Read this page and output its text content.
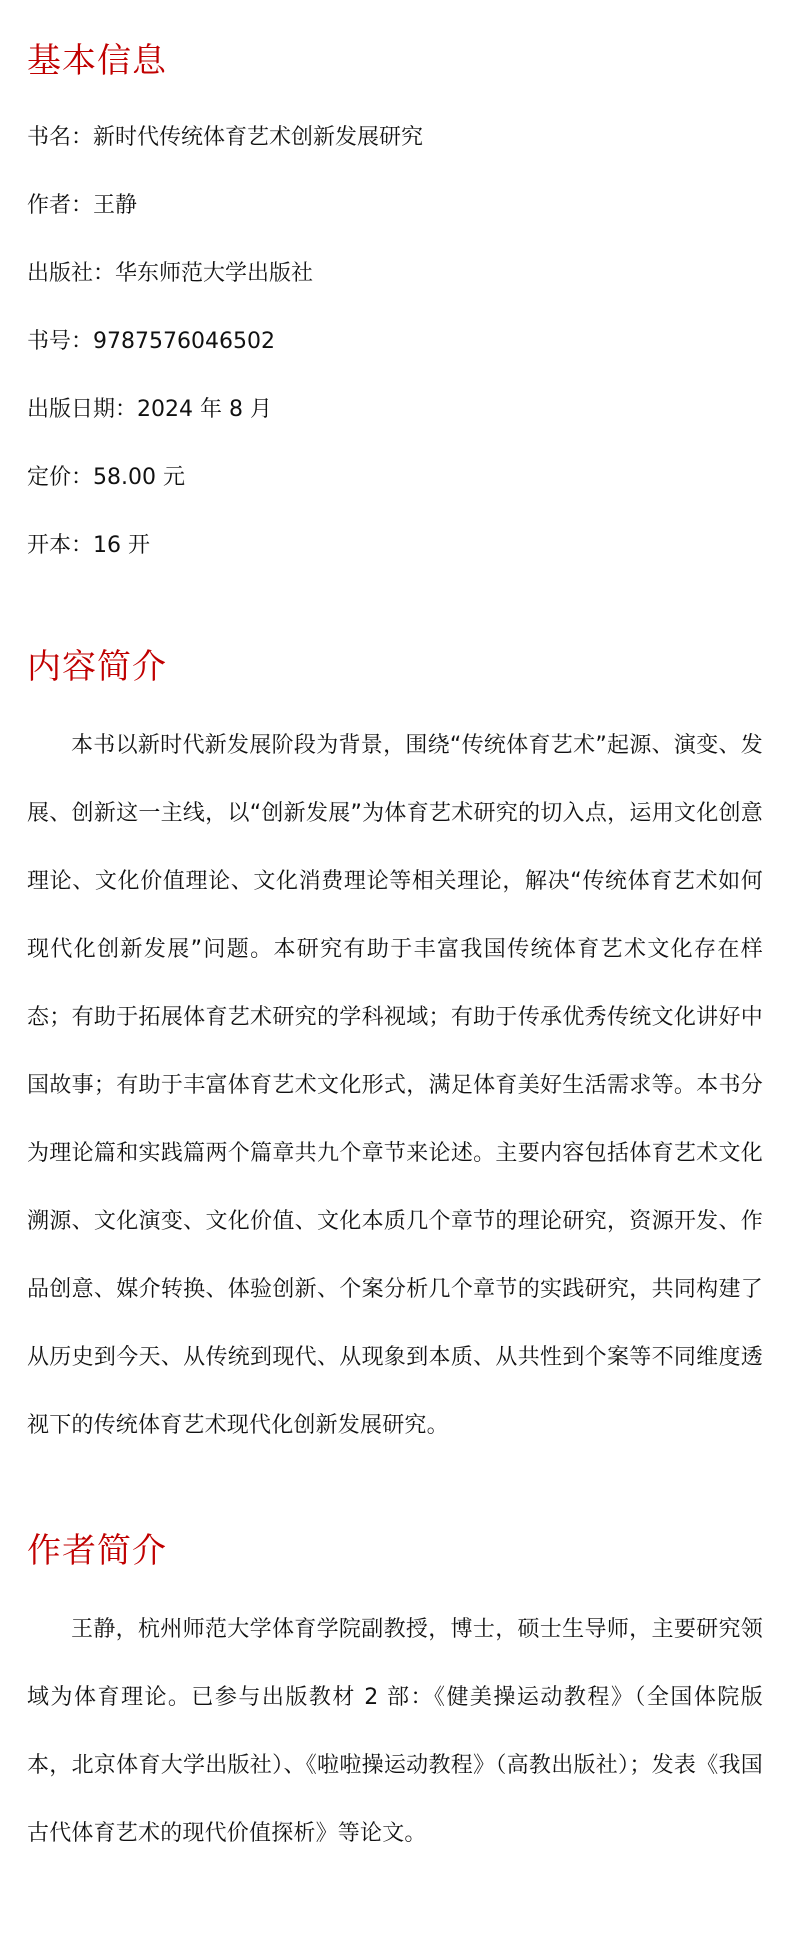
基本信息
书名：新时代传统体育艺术创新发展研究
作者：王静
出版社：华东师范大学出版社
书号：9787576046502
出版日期：2024 年 8 月
定价：58.00 元
开本：16 开
内容简介

本书以新时代新发展阶段为背景，围绕“传统体育艺术”起源、演变、发展、创新这一主线，以“创新发展”为体育艺术研究的切入点，运用文化创意理论、文化价值理论、文化消费理论等相关理论，解决“传统体育艺术如何现代化创新发展”问题。本研究有助于丰富我国传统体育艺术文化存在样态；有助于拓展体育艺术研究的学科视域；有助于传承优秀传统文化讲好中国故事；有助于丰富体育艺术文化形式，满足体育美好生活需求等。本书分为理论篇和实践篇两个篇章共九个章节来论述。主要内容包括体育艺术文化溯源、文化演变、文化价值、文化本质几个章节的理论研究，资源开发、作品创意、媒介转换、体验创新、个案分析几个章节的实践研究，共同构建了从历史到今天、从传统到现代、从现象到本质、从共性到个案等不同维度透视下的传统体育艺术现代化创新发展研究。

作者简介

王静，杭州师范大学体育学院副教授，博士，硕士生导师，主要研究领域为体育理论。已参与出版教材 2 部：《健美操运动教程》（全国体院版本，北京体育大学出版社）、《啦啦操运动教程》（高教出版社）；发表《我国古代体育艺术的现代价值探析》等论文。
